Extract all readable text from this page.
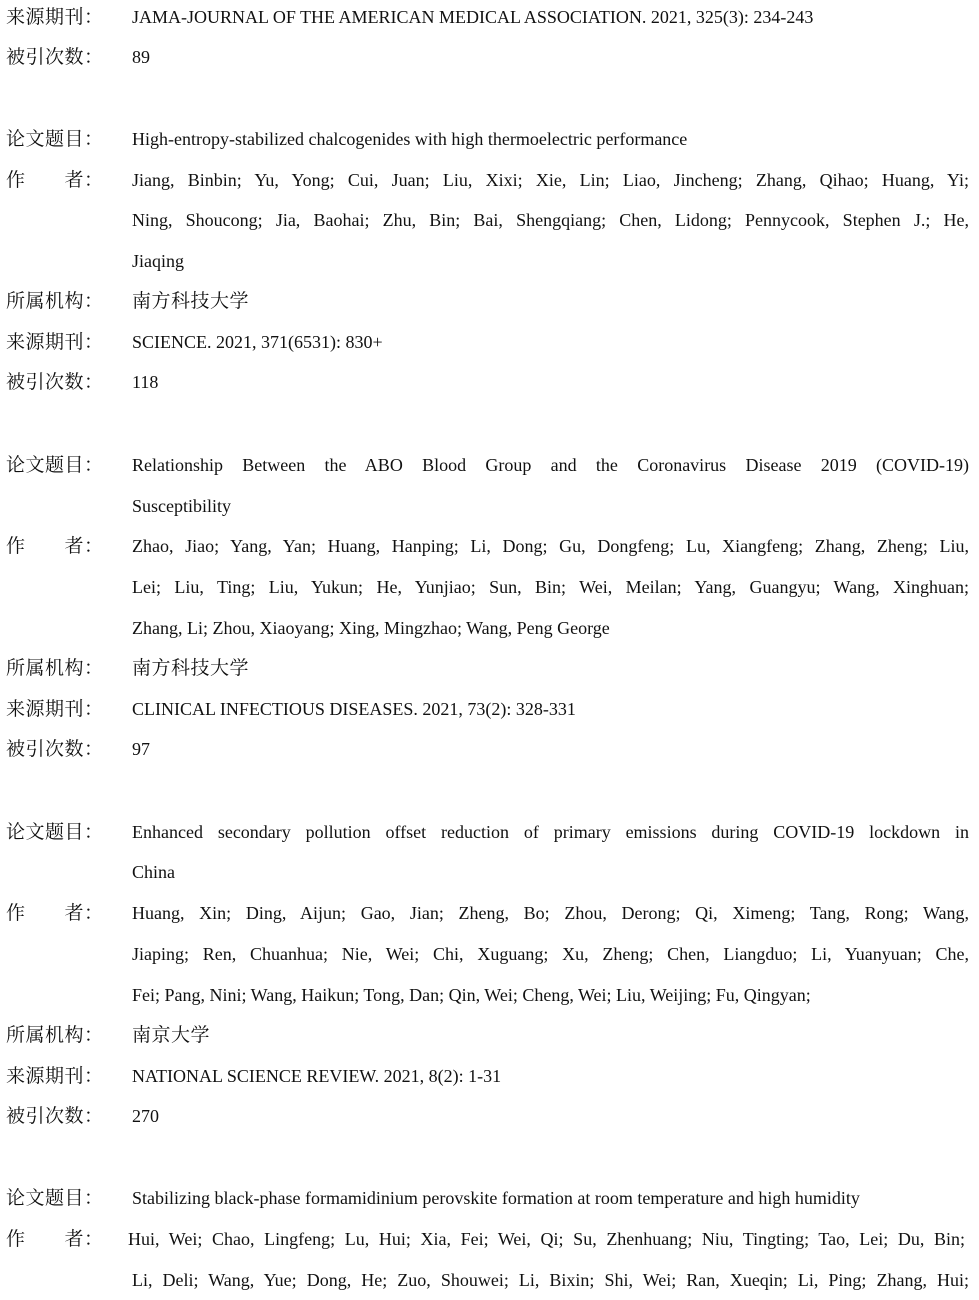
来源期刊：	JAMA-JOURNAL OF THE AMERICAN MEDICAL ASSOCIATION. 2021, 325(3): 234-243
被引次数：	89
论文题目：	High-entropy-stabilized chalcogenides with high thermoelectric performance
作　　者：	Jiang, Binbin; Yu, Yong; Cui, Juan; Liu, Xixi; Xie, Lin; Liao, Jincheng; Zhang, Qihao; Huang, Yi;
Ning, Shoucong; Jia, Baohai; Zhu, Bin; Bai, Shengqiang; Chen, Lidong; Pennycook, Stephen J.; He,
Jiaqing
所属机构：	南方科技大学
来源期刊：	SCIENCE. 2021, 371(6531): 830+
被引次数：	118
论文题目：	Relationship Between the ABO Blood Group and the Coronavirus Disease 2019 (COVID-19)
Susceptibility
作　　者：	Zhao, Jiao; Yang, Yan; Huang, Hanping; Li, Dong; Gu, Dongfeng; Lu, Xiangfeng; Zhang, Zheng; Liu,
Lei; Liu, Ting; Liu, Yukun; He, Yunjiao; Sun, Bin; Wei, Meilan; Yang, Guangyu; Wang, Xinghuan;
Zhang, Li; Zhou, Xiaoyang; Xing, Mingzhao; Wang, Peng George
所属机构：	南方科技大学
来源期刊：	CLINICAL INFECTIOUS DISEASES. 2021, 73(2): 328-331
被引次数：	97
论文题目：	Enhanced secondary pollution offset reduction of primary emissions during COVID-19 lockdown in
China
作　　者：	Huang, Xin; Ding, Aijun; Gao, Jian; Zheng, Bo; Zhou, Derong; Qi, Ximeng; Tang, Rong; Wang,
Jiaping; Ren, Chuanhua; Nie, Wei; Chi, Xuguang; Xu, Zheng; Chen, Liangduo; Li, Yuanyuan; Che,
Fei; Pang, Nini; Wang, Haikun; Tong, Dan; Qin, Wei; Cheng, Wei; Liu, Weijing; Fu, Qingyan;
所属机构：	南京大学
来源期刊：	NATIONAL SCIENCE REVIEW. 2021, 8(2): 1-31
被引次数：	270
论文题目：	Stabilizing black-phase formamidinium perovskite formation at room temperature and high humidity
作　　者：	Hui, Wei; Chao, Lingfeng; Lu, Hui; Xia, Fei; Wei, Qi; Su, Zhenhuang; Niu, Tingting; Tao, Lei; Du, Bin;
Li, Deli; Wang, Yue; Dong, He; Zuo, Shouwei; Li, Bixin; Shi, Wei; Ran, Xueqin; Li, Ping; Zhang, Hui;
